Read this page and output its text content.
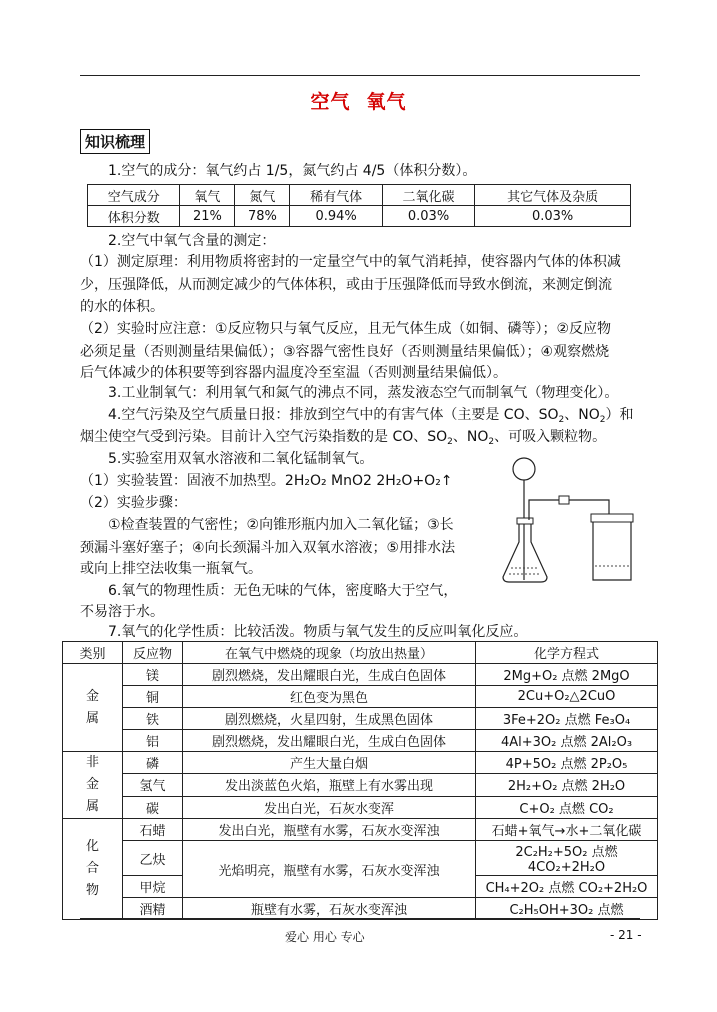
空气 氧气
知识梳理
1.空气的成分：氧气约占 1/5，氮气约占 4/5（体积分数）。
空气成分	氧气	氮气	稀有气体	二氧化碳	其它气体及杂质
体积分数	21%	78%	0.94%	0.03%	0.03%
2.空气中氧气含量的测定：
（1）测定原理：利用物质将密封的一定量空气中的氧气消耗掉，使容器内气体的体积减
少，压强降低，从而测定减少的气体体积，或由于压强降低而导致水倒流，来测定倒流
的水的体积。
（2）实验时应注意：①反应物只与氧气反应，且无气体生成（如铜、磷等）；②反应物
必须足量（否则测量结果偏低）；③容器气密性良好（否则测量结果偏低）；④观察燃烧
后气体减少的体积要等到容器内温度冷至室温（否则测量结果偏低）。
3.工业制氧气：利用氧气和氮气的沸点不同，蒸发液态空气而制氧气（物理变化）。
4.空气污染及空气质量日报：排放到空气中的有害气体（主要是 CO、$SO_2$、$NO_2$）和
烟尘使空气受到污染。目前计入空气污染指数的是 CO、$SO_2$、$NO_2$、可吸入颗粒物。
5.实验室用双氧水溶液和二氧化锰制氧气。
（1）实验装置：固液不加热型。2H₂O₂ MnO2 2H₂O+O₂↑
（2）实验步骤：
①检查装置的气密性；②向锥形瓶内加入二氧化锰；③长
颈漏斗塞好塞子；④向长颈漏斗加入双氧水溶液；⑤用排水法
或向上排空法收集一瓶氧气。
6.氧气的物理性质：无色无味的气体，密度略大于空气，
不易溶于水。
7.氧气的化学性质：比较活泼。物质与氧气发生的反应叫氧化反应。
类别	反应物	在氧气中燃烧的现象（均放出热量）	化学方程式
金
属	镁	剧烈燃烧，发出耀眼白光，生成白色固体	2Mg+O₂ 点燃 2MgO
	铜	红色变为黑色	2Cu+O₂△2CuO
	铁	剧烈燃烧，火星四射，生成黑色固体	3Fe+2O₂ 点燃 Fe₃O₄
	铝	剧烈燃烧，发出耀眼白光，生成白色固体	4Al+3O₂ 点燃 2Al₂O₃
非
金
属	磷	产生大量白烟	4P+5O₂ 点燃 2P₂O₅
	氢气	发出淡蓝色火焰，瓶壁上有水雾出现	2H₂+O₂ 点燃 2H₂O
	碳	发出白光，石灰水变浑	C+O₂ 点燃 CO₂
化
合
物	石蜡	发出白光，瓶壁有水雾，石灰水变浑浊	石蜡+氧气→水+二氧化碳
	乙炔	光焰明亮，瓶壁有水雾，石灰水变浑浊	2C₂H₂+5O₂ 点燃 4CO₂+2H₂O
	甲烷		CH₄+2O₂ 点燃 CO₂+2H₂O
	酒精	瓶壁有水雾，石灰水变浑浊	C₂H₅OH+3O₂ 点燃
爱心 用心 专心	- 21 -
